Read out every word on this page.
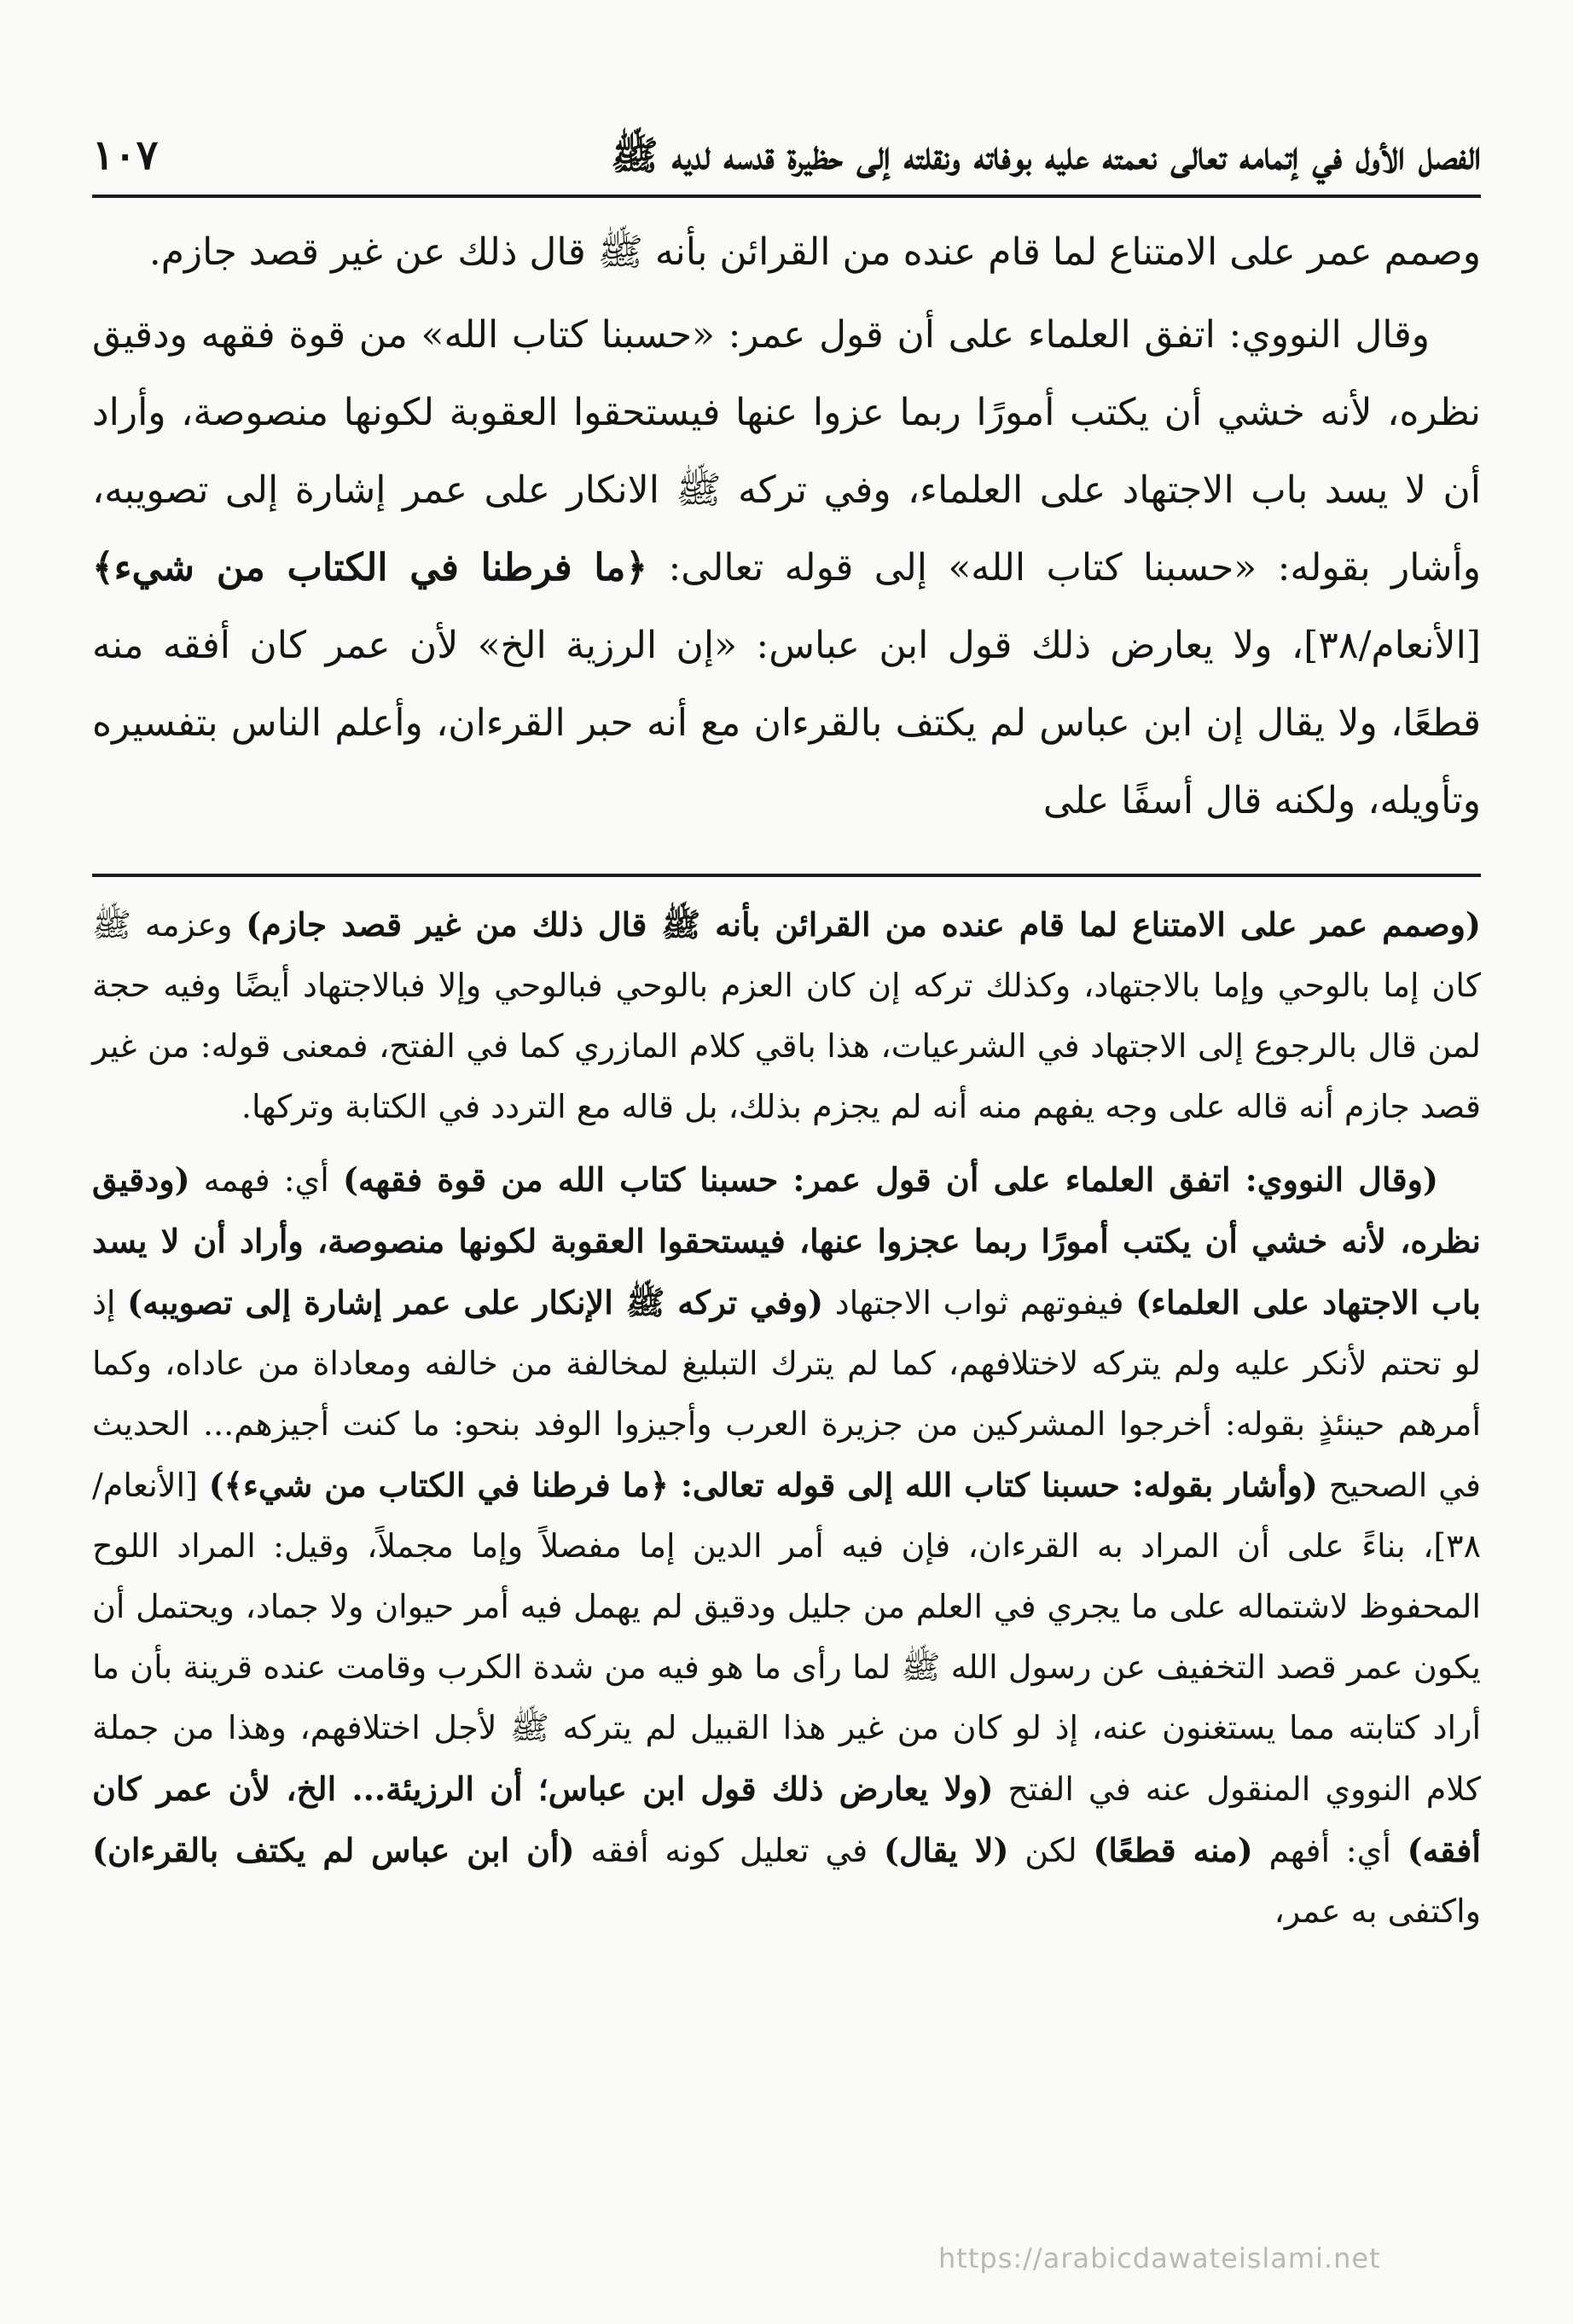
الفصل الأول في إتمامه تعالى نعمته عليه بوفاته ونقلته إلى حظيرة قدسه لديه ﷺ
١٠٧

وصمم عمر على الامتناع لما قام عنده من القرائن بأنه ﷺ قال ذلك عن غير قصد جازم.

وقال النووي: اتفق العلماء على أن قول عمر: «حسبنا كتاب الله» من قوة فقهه ودقيق نظره، لأنه خشي أن يكتب أمورًا ربما عزوا عنها فيستحقوا العقوبة لكونها منصوصة، وأراد أن لا يسد باب الاجتهاد على العلماء، وفي تركه ﷺ الانكار على عمر إشارة إلى تصويبه، وأشار بقوله: «حسبنا كتاب الله» إلى قوله تعالى: ﴿ما فرطنا في الكتاب من شيء﴾ [الأنعام/٣٨]، ولا يعارض ذلك قول ابن عباس: «إن الرزية الخ» لأن عمر كان أفقه منه قطعًا، ولا يقال إن ابن عباس لم يكتف بالقرءان مع أنه حبر القرءان، وأعلم الناس بتفسيره وتأويله، ولكنه قال أسفًا على

(وصمم عمر على الامتناع لما قام عنده من القرائن بأنه ﷺ قال ذلك من غير قصد جازم) وعزمه ﷺ كان إما بالوحي وإما بالاجتهاد، وكذلك تركه إن كان العزم بالوحي فبالوحي وإلا فبالاجتهاد أيضًا وفيه حجة لمن قال بالرجوع إلى الاجتهاد في الشرعيات، هذا باقي كلام المازري كما في الفتح، فمعنى قوله: من غير قصد جازم أنه قاله على وجه يفهم منه أنه لم يجزم بذلك، بل قاله مع التردد في الكتابة وتركها.

(وقال النووي: اتفق العلماء على أن قول عمر: حسبنا كتاب الله من قوة فقهه) أي: فهمه (ودقيق نظره، لأنه خشي أن يكتب أمورًا ربما عجزوا عنها، فيستحقوا العقوبة لكونها منصوصة، وأراد أن لا يسد باب الاجتهاد على العلماء) فيفوتهم ثواب الاجتهاد (وفي تركه ﷺ الإنكار على عمر إشارة إلى تصويبه) إذ لو تحتم لأنكر عليه ولم يتركه لاختلافهم، كما لم يترك التبليغ لمخالفة من خالفه ومعاداة من عاداه، وكما أمرهم حينئذٍ بقوله: أخرجوا المشركين من جزيرة العرب وأجيزوا الوفد بنحو: ما كنت أجيزهم... الحديث في الصحيح (وأشار بقوله: حسبنا كتاب الله إلى قوله تعالى: ﴿ما فرطنا في الكتاب من شيء﴾) [الأنعام/ ٣٨]، بناءً على أن المراد به القرءان، فإن فيه أمر الدين إما مفصلاً وإما مجملاً، وقيل: المراد اللوح المحفوظ لاشتماله على ما يجري في العلم من جليل ودقيق لم يهمل فيه أمر حيوان ولا جماد، ويحتمل أن يكون عمر قصد التخفيف عن رسول الله ﷺ لما رأى ما هو فيه من شدة الكرب وقامت عنده قرينة بأن ما أراد كتابته مما يستغنون عنه، إذ لو كان من غير هذا القبيل لم يتركه ﷺ لأجل اختلافهم، وهذا من جملة كلام النووي المنقول عنه في الفتح (ولا يعارض ذلك قول ابن عباس؛ أن الرزيئة... الخ، لأن عمر كان أفقه) أي: أفهم (منه قطعًا) لكن (لا يقال) في تعليل كونه أفقه (أن ابن عباس لم يكتف بالقرءان) واكتفى به عمر،

https://arabicdawateislami.net
